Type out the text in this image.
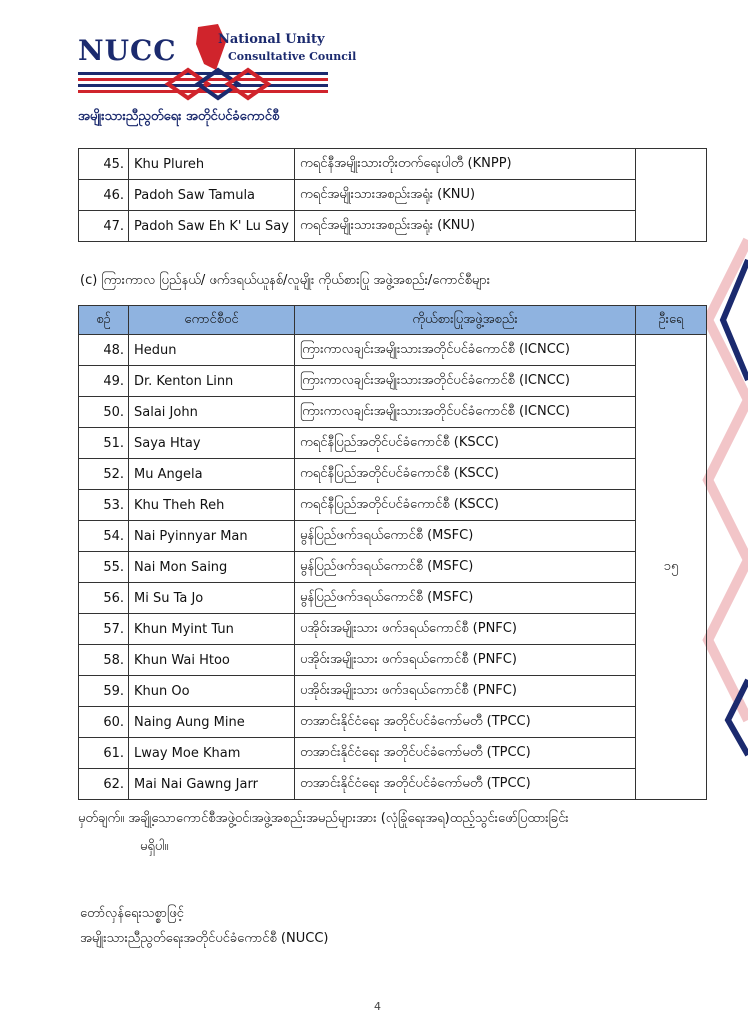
NUCC	National Unity
Consultative Council
အမျိုးသားညီညွတ်ရေး အတိုင်ပင်ခံကောင်စီ
45.	Khu Plureh	ကရင်နီအမျိုးသားတိုးတက်ရေးပါတီ (KNPP)	
46.	Padoh Saw Tamula	ကရင်အမျိုးသားအစည်းအရုံး (KNU)	
47.	Padoh Saw Eh K' Lu Say	ကရင်အမျိုးသားအစည်းအရုံး (KNU)	
(c) ကြားကာလ ပြည်နယ်/ ဖက်ဒရယ်ယူနစ်/လူမျိုး ကိုယ်စားပြု အဖွဲ့အစည်း/ကောင်စီများ
စဉ်	ကောင်စီဝင်	ကိုယ်စားပြုအဖွဲ့အစည်း	ဦးရေ
48.	Hedun	ကြားကာလချင်းအမျိုးသားအတိုင်ပင်ခံကောင်စီ (ICNCC)	၁၅
49.	Dr. Kenton Linn	ကြားကာလချင်းအမျိုးသားအတိုင်ပင်ခံကောင်စီ (ICNCC)	
50.	Salai John	ကြားကာလချင်းအမျိုးသားအတိုင်ပင်ခံကောင်စီ (ICNCC)	
51.	Saya Htay	ကရင်နီပြည်အတိုင်ပင်ခံကောင်စီ (KSCC)	
52.	Mu Angela	ကရင်နီပြည်အတိုင်ပင်ခံကောင်စီ (KSCC)	
53.	Khu Theh Reh	ကရင်နီပြည်အတိုင်ပင်ခံကောင်စီ (KSCC)	
54.	Nai Pyinnyar Man	မွန်ပြည်ဖက်ဒရယ်ကောင်စီ (MSFC)	
55.	Nai Mon Saing	မွန်ပြည်ဖက်ဒရယ်ကောင်စီ (MSFC)	
56.	Mi Su Ta Jo	မွန်ပြည်ဖက်ဒရယ်ကောင်စီ (MSFC)	
57.	Khun Myint Tun	ပအိုဝ်းအမျိုးသား ဖက်ဒရယ်ကောင်စီ (PNFC)	
58.	Khun Wai Htoo	ပအိုဝ်းအမျိုးသား ဖက်ဒရယ်ကောင်စီ (PNFC)	
59.	Khun Oo	ပအိုဝ်းအမျိုးသား ဖက်ဒရယ်ကောင်စီ (PNFC)	
60.	Naing Aung Mine	တအာင်းနိုင်ငံရေး အတိုင်ပင်ခံကော်မတီ (TPCC)	
61.	Lway Moe Kham	တအာင်းနိုင်ငံရေး အတိုင်ပင်ခံကော်မတီ (TPCC)	
62.	Mai Nai Gawng Jarr	တအာင်းနိုင်ငံရေး အတိုင်ပင်ခံကော်မတီ (TPCC)	
မှတ်ချက်။ အချို့သောကောင်စီအဖွဲ့ဝင်၊အဖွဲ့အစည်းအမည်များအား (လုံခြုံရေးအရ)ထည့်သွင်းဖော်ပြထားခြင်း
မရှိပါ။
တော်လှန်ရေးသစ္စာဖြင့်
အမျိုးသားညီညွတ်ရေးအတိုင်ပင်ခံကောင်စီ (NUCC)
4
